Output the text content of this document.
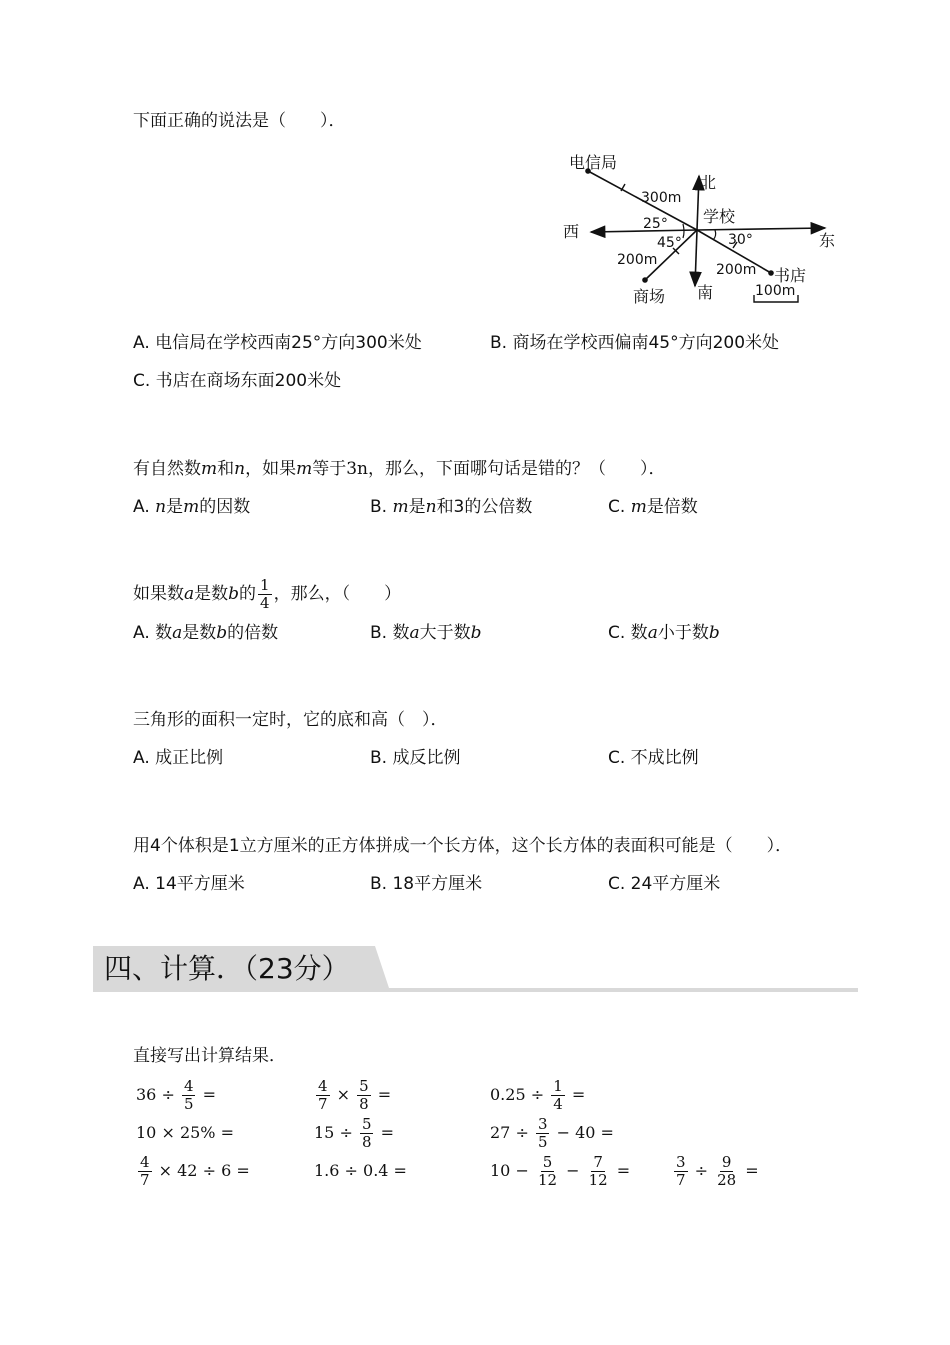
下面正确的说法是（　　）．
电信局
北
学校
西	东
南
商场
书店
300m
200m
200m
25°
45°	30°
100m
A. 电信局在学校西南25°方向300米处	B. 商场在学校西偏南45°方向200米处
C. 书店在商场东面200米处
有自然数m和n，如果m等于3n，那么，下面哪句话是错的？（　　）．
A. n是m的因数	B. m是n和3的公倍数	C. m是倍数
如果数a是数b的 $\frac{1}{4}$ ，那么，（　　）
A. 数a是数b的倍数	B. 数a大于数b	C. 数a小于数b
三角形的面积一定时，它的底和高（　）．
A. 成正比例	B. 成反比例	C. 不成比例
用4个体积是1立方厘米的正方体拼成一个长方体，这个长方体的表面积可能是（　　）．
A. 14平方厘米	B. 18平方厘米	C. 24平方厘米
四、计算．（23分）
直接写出计算结果．
$36 \div \frac{4}{5}$ =	$\frac{4}{7} \times \frac{5}{8}$ =	$0.25 \div \frac{1}{4}$ =
10 × 25% =	$15 \div \frac{5}{8}$ =	$27 \div \frac{3}{5} - 40$ =
$\frac{4}{7} \times 42 \div 6$ =	1.6 ÷ 0.4 =	$10 - \frac{5}{12} - \frac{7}{12}$ =	$\frac{3}{7} \div \frac{9}{28}$ =
